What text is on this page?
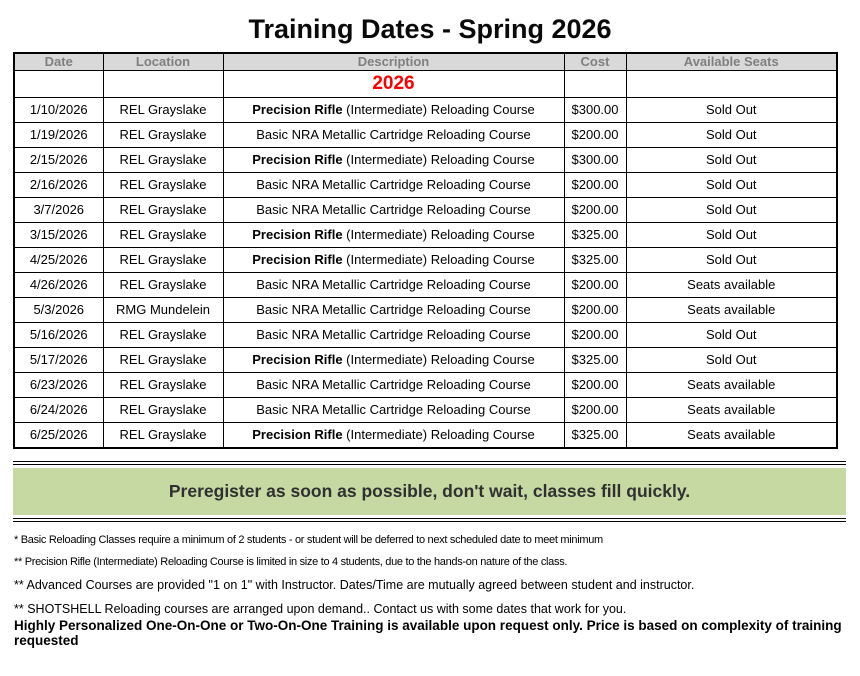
Training Dates - Spring 2026
Date	Location	Description	Cost	Available Seats
		2026		
1/10/2026	REL Grayslake	Precision Rifle (Intermediate) Reloading Course	$300.00	Sold Out
1/19/2026	REL Grayslake	Basic NRA Metallic Cartridge Reloading Course	$200.00	Sold Out
2/15/2026	REL Grayslake	Precision Rifle (Intermediate) Reloading Course	$300.00	Sold Out
2/16/2026	REL Grayslake	Basic NRA Metallic Cartridge Reloading Course	$200.00	Sold Out
3/7/2026	REL Grayslake	Basic NRA Metallic Cartridge Reloading Course	$200.00	Sold Out
3/15/2026	REL Grayslake	Precision Rifle (Intermediate) Reloading Course	$325.00	Sold Out
4/25/2026	REL Grayslake	Precision Rifle (Intermediate) Reloading Course	$325.00	Sold Out
4/26/2026	REL Grayslake	Basic NRA Metallic Cartridge Reloading Course	$200.00	Seats available
5/3/2026	RMG Mundelein	Basic NRA Metallic Cartridge Reloading Course	$200.00	Seats available
5/16/2026	REL Grayslake	Basic NRA Metallic Cartridge Reloading Course	$200.00	Sold Out
5/17/2026	REL Grayslake	Precision Rifle (Intermediate) Reloading Course	$325.00	Sold Out
6/23/2026	REL Grayslake	Basic NRA Metallic Cartridge Reloading Course	$200.00	Seats available
6/24/2026	REL Grayslake	Basic NRA Metallic Cartridge Reloading Course	$200.00	Seats available
6/25/2026	REL Grayslake	Precision Rifle (Intermediate) Reloading Course	$325.00	Seats available
Preregister as soon as possible, don't wait, classes fill quickly.
* Basic Reloading Classes require a minimum of 2 students - or student will be deferred to next scheduled date to meet minimum
** Precision Rifle (Intermediate) Reloading Course is limited in size to 4 students, due to the hands-on nature of the class.
** Advanced Courses are provided "1 on 1" with Instructor. Dates/Time are mutually agreed between student and instructor.
** SHOTSHELL Reloading courses are arranged upon demand.. Contact us with some dates that work for you.
Highly Personalized One-On-One or Two-On-One Training is available upon request only. Price is based on complexity of training requested
